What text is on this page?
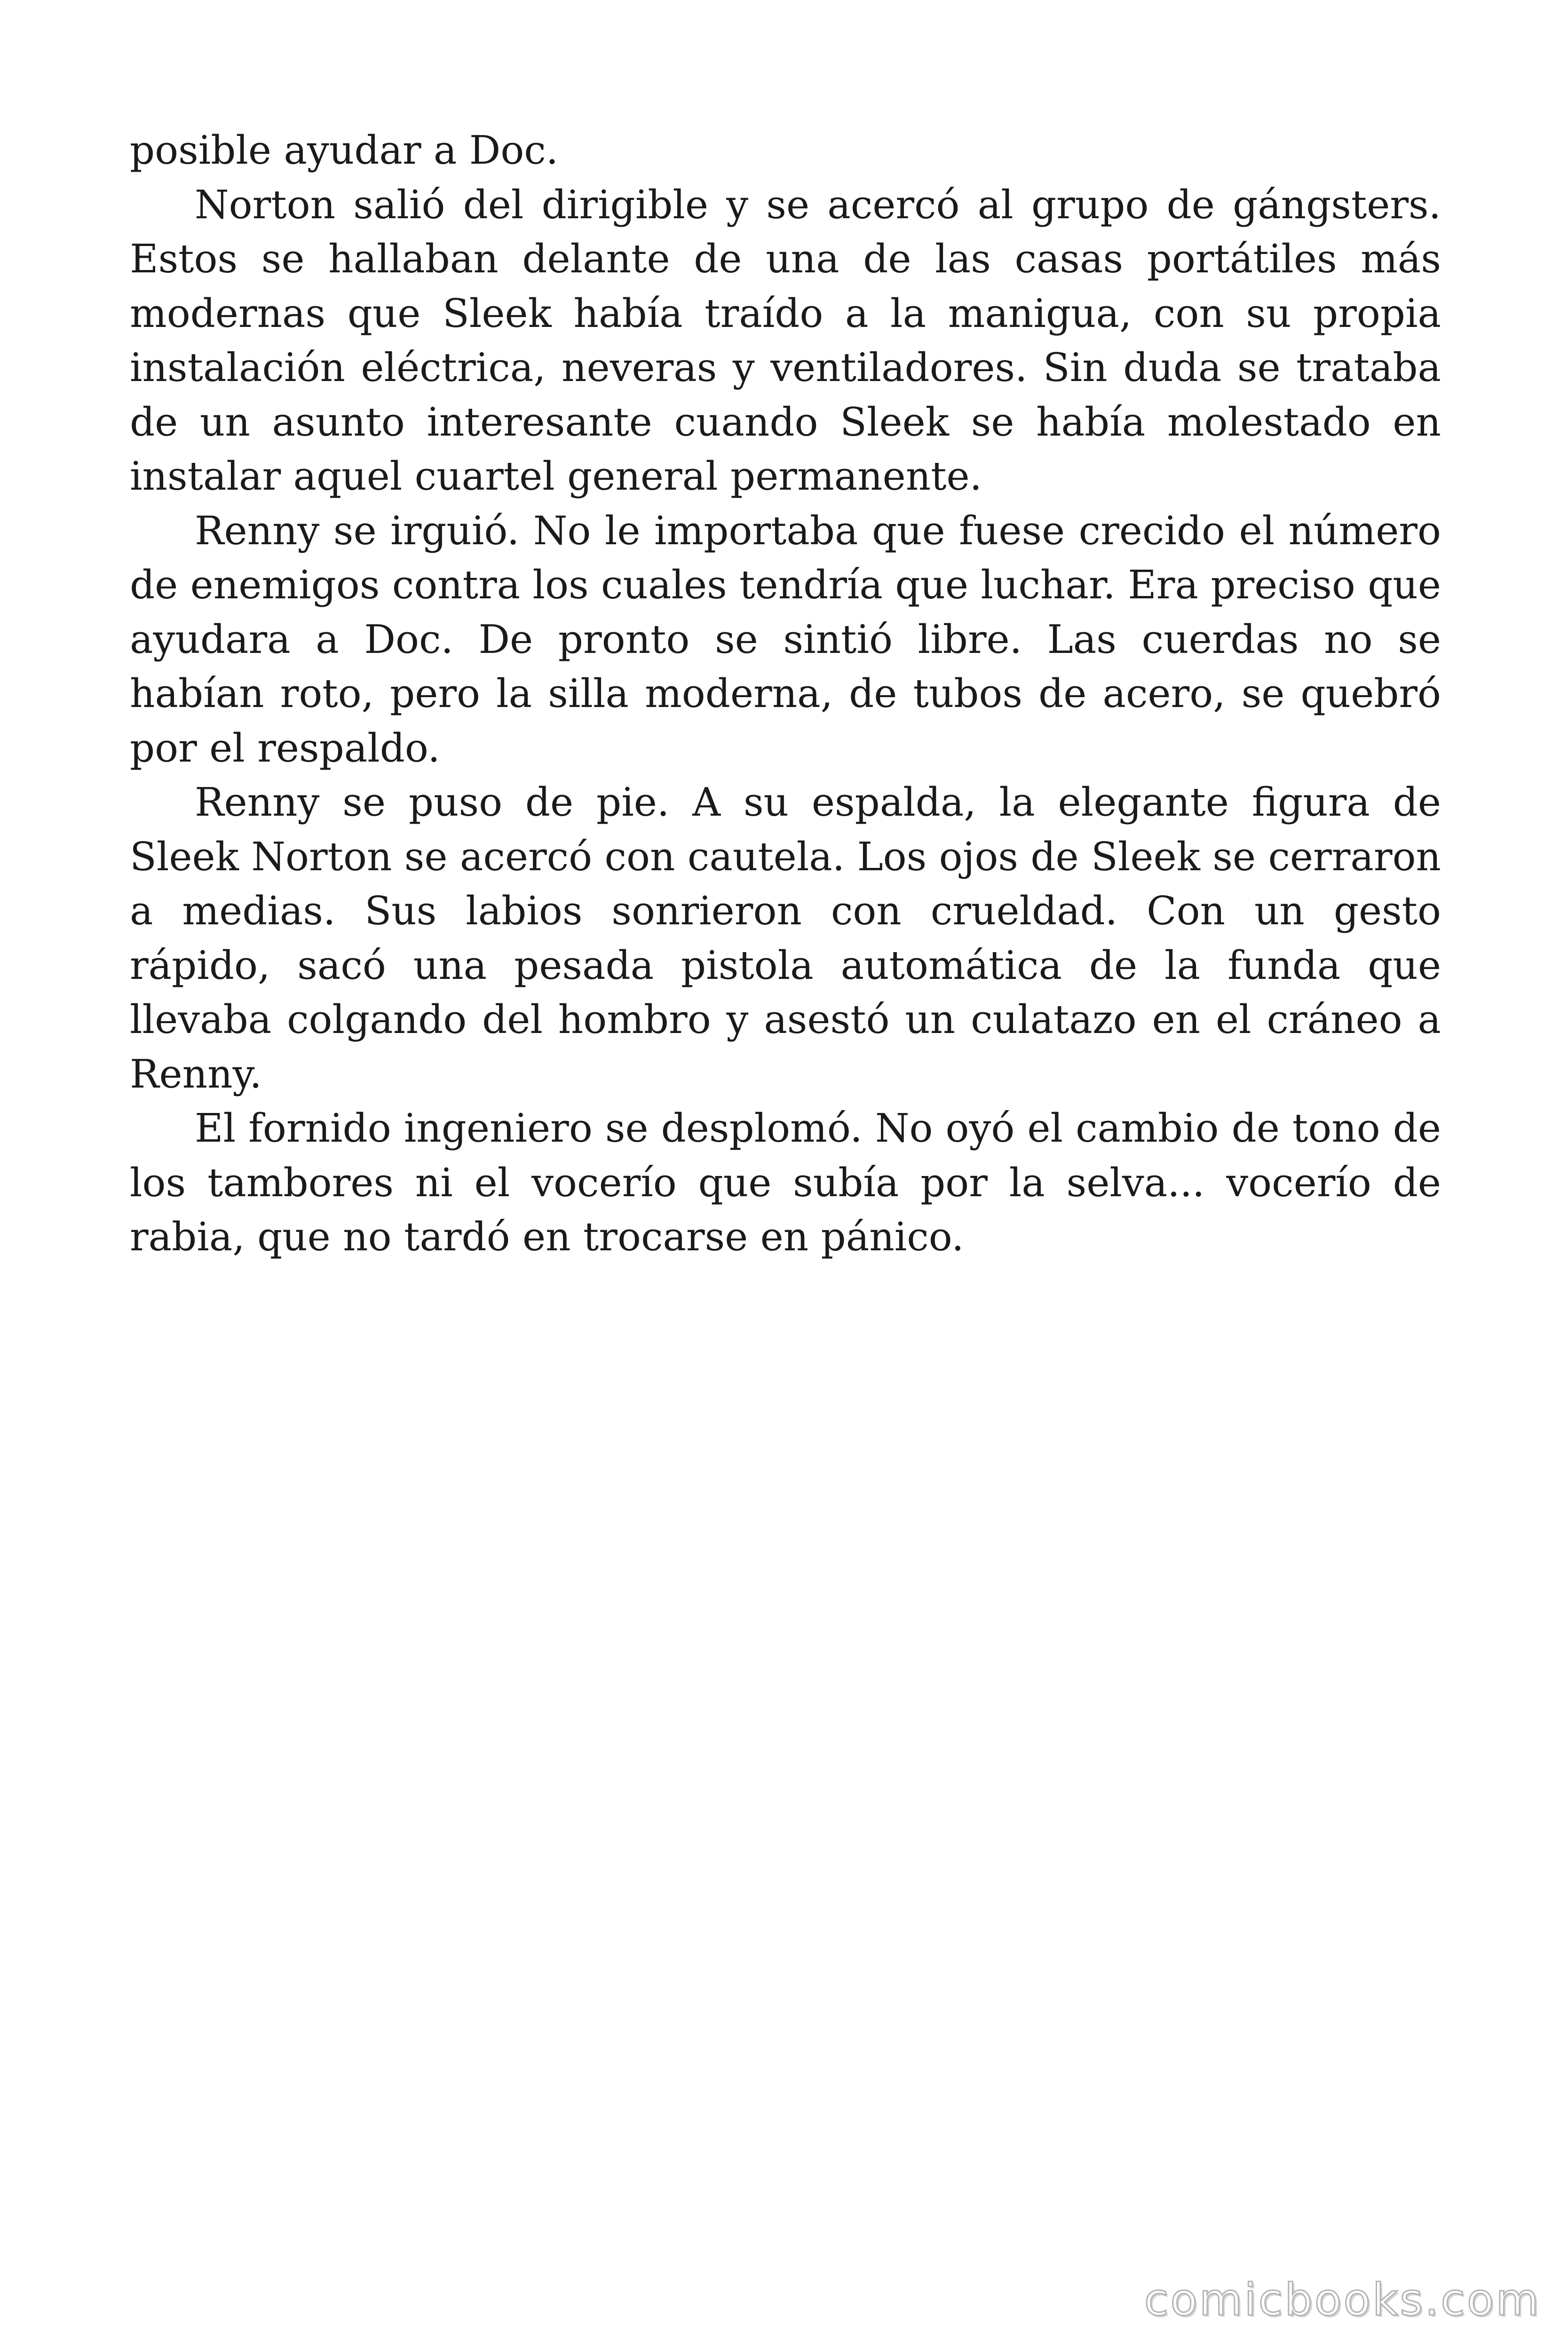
posible ayudar a Doc.

Norton salió del dirigible y se acercó al grupo de gángsters. Estos se hallaban delante de una de las casas portátiles más modernas que Sleek había traído a la manigua, con su propia instalación eléctrica, neveras y ventiladores. Sin duda se trataba de un asunto interesante cuando Sleek se había molestado en instalar aquel cuartel general permanente.

Renny se irguió. No le importaba que fuese crecido el número de enemigos contra los cuales tendría que luchar. Era preciso que ayudara a Doc. De pronto se sintió libre. Las cuerdas no se habían roto, pero la silla moderna, de tubos de acero, se quebró por el respaldo.

Renny se puso de pie. A su espalda, la elegante figura de Sleek Norton se acercó con cautela. Los ojos de Sleek se cerraron a medias. Sus labios sonrieron con crueldad. Con un gesto rápido, sacó una pesada pistola automática de la funda que llevaba colgando del hombro y asestó un culatazo en el cráneo a Renny.

El fornido ingeniero se desplomó. No oyó el cambio de tono de los tambores ni el vocerío que subía por la selva... vocerío de rabia, que no tardó en trocarse en pánico.

comicbooks.com
